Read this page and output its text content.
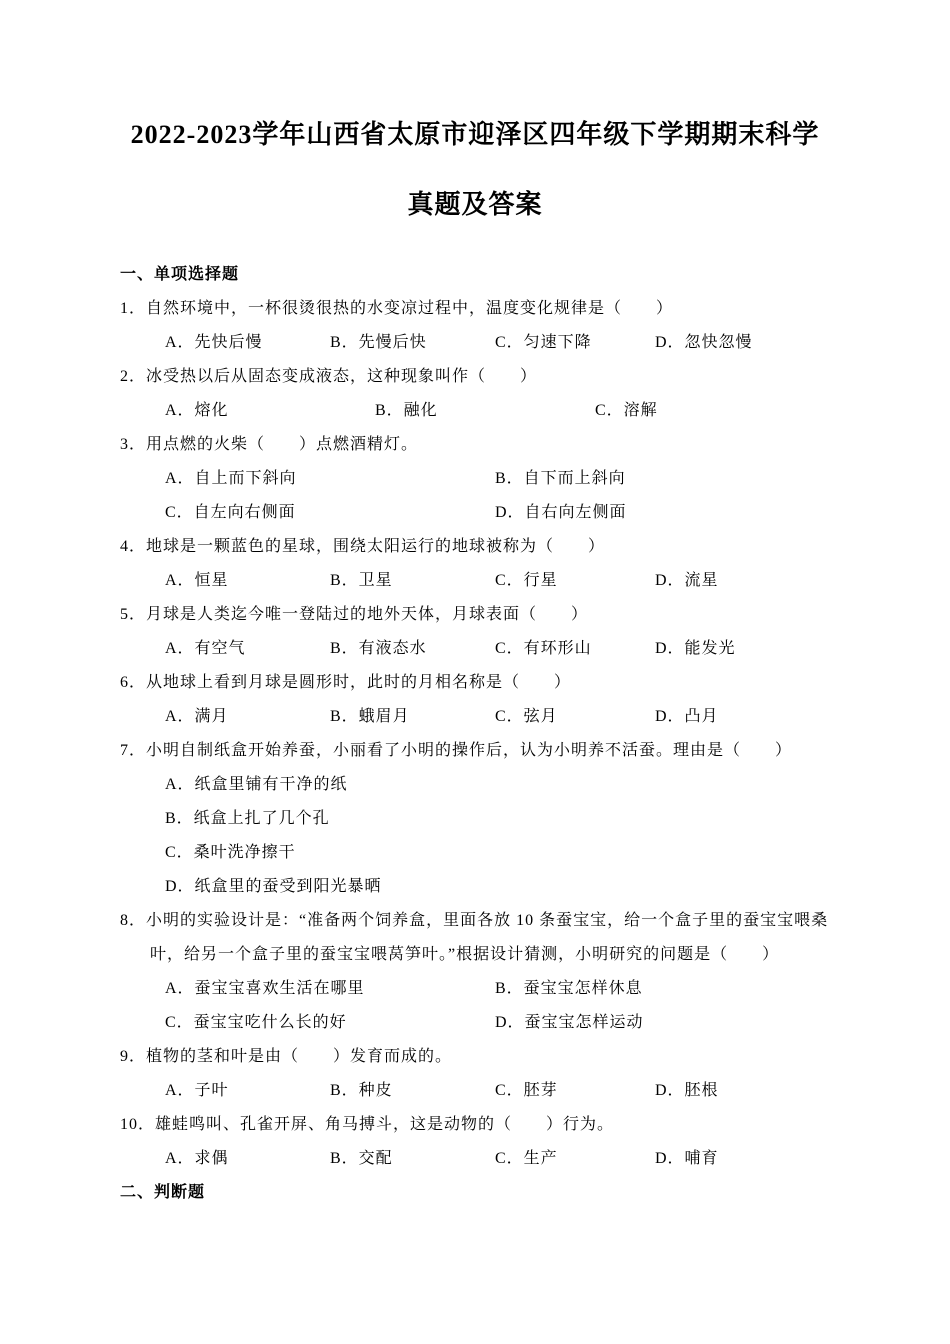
2022-2023学年山西省太原市迎泽区四年级下学期期末科学
真题及答案
一、单项选择题
1．自然环境中，一杯很烫很热的水变凉过程中，温度变化规律是（　　）
A．先快后慢	B．先慢后快	C．匀速下降	D．忽快忽慢
2．冰受热以后从固态变成液态，这种现象叫作（　　）
A．熔化	B．融化	C．溶解
3．用点燃的火柴（　　）点燃酒精灯。
A．自上而下斜向	B．自下而上斜向
C．自左向右侧面	D．自右向左侧面
4．地球是一颗蓝色的星球，围绕太阳运行的地球被称为（　　）
A．恒星	B．卫星	C．行星	D．流星
5．月球是人类迄今唯一登陆过的地外天体，月球表面（　　）
A．有空气	B．有液态水	C．有环形山	D．能发光
6．从地球上看到月球是圆形时，此时的月相名称是（　　）
A．满月	B．蛾眉月	C．弦月	D．凸月
7．小明自制纸盒开始养蚕，小丽看了小明的操作后，认为小明养不活蚕。理由是（　　）
A．纸盒里铺有干净的纸
B．纸盒上扎了几个孔
C．桑叶洗净擦干
D．纸盒里的蚕受到阳光暴晒
8．小明的实验设计是：“准备两个饲养盒，里面各放 10 条蚕宝宝，给一个盒子里的蚕宝宝喂桑叶，给另一个盒子里的蚕宝宝喂莴笋叶。”根据设计猜测，小明研究的问题是（　　）
A．蚕宝宝喜欢生活在哪里	B．蚕宝宝怎样休息
C．蚕宝宝吃什么长的好	D．蚕宝宝怎样运动
9．植物的茎和叶是由（　　）发育而成的。
A．子叶	B．种皮	C．胚芽	D．胚根
10．雄蛙鸣叫、孔雀开屏、角马搏斗，这是动物的（　　）行为。
A．求偶	B．交配	C．生产	D．哺育
二、判断题
